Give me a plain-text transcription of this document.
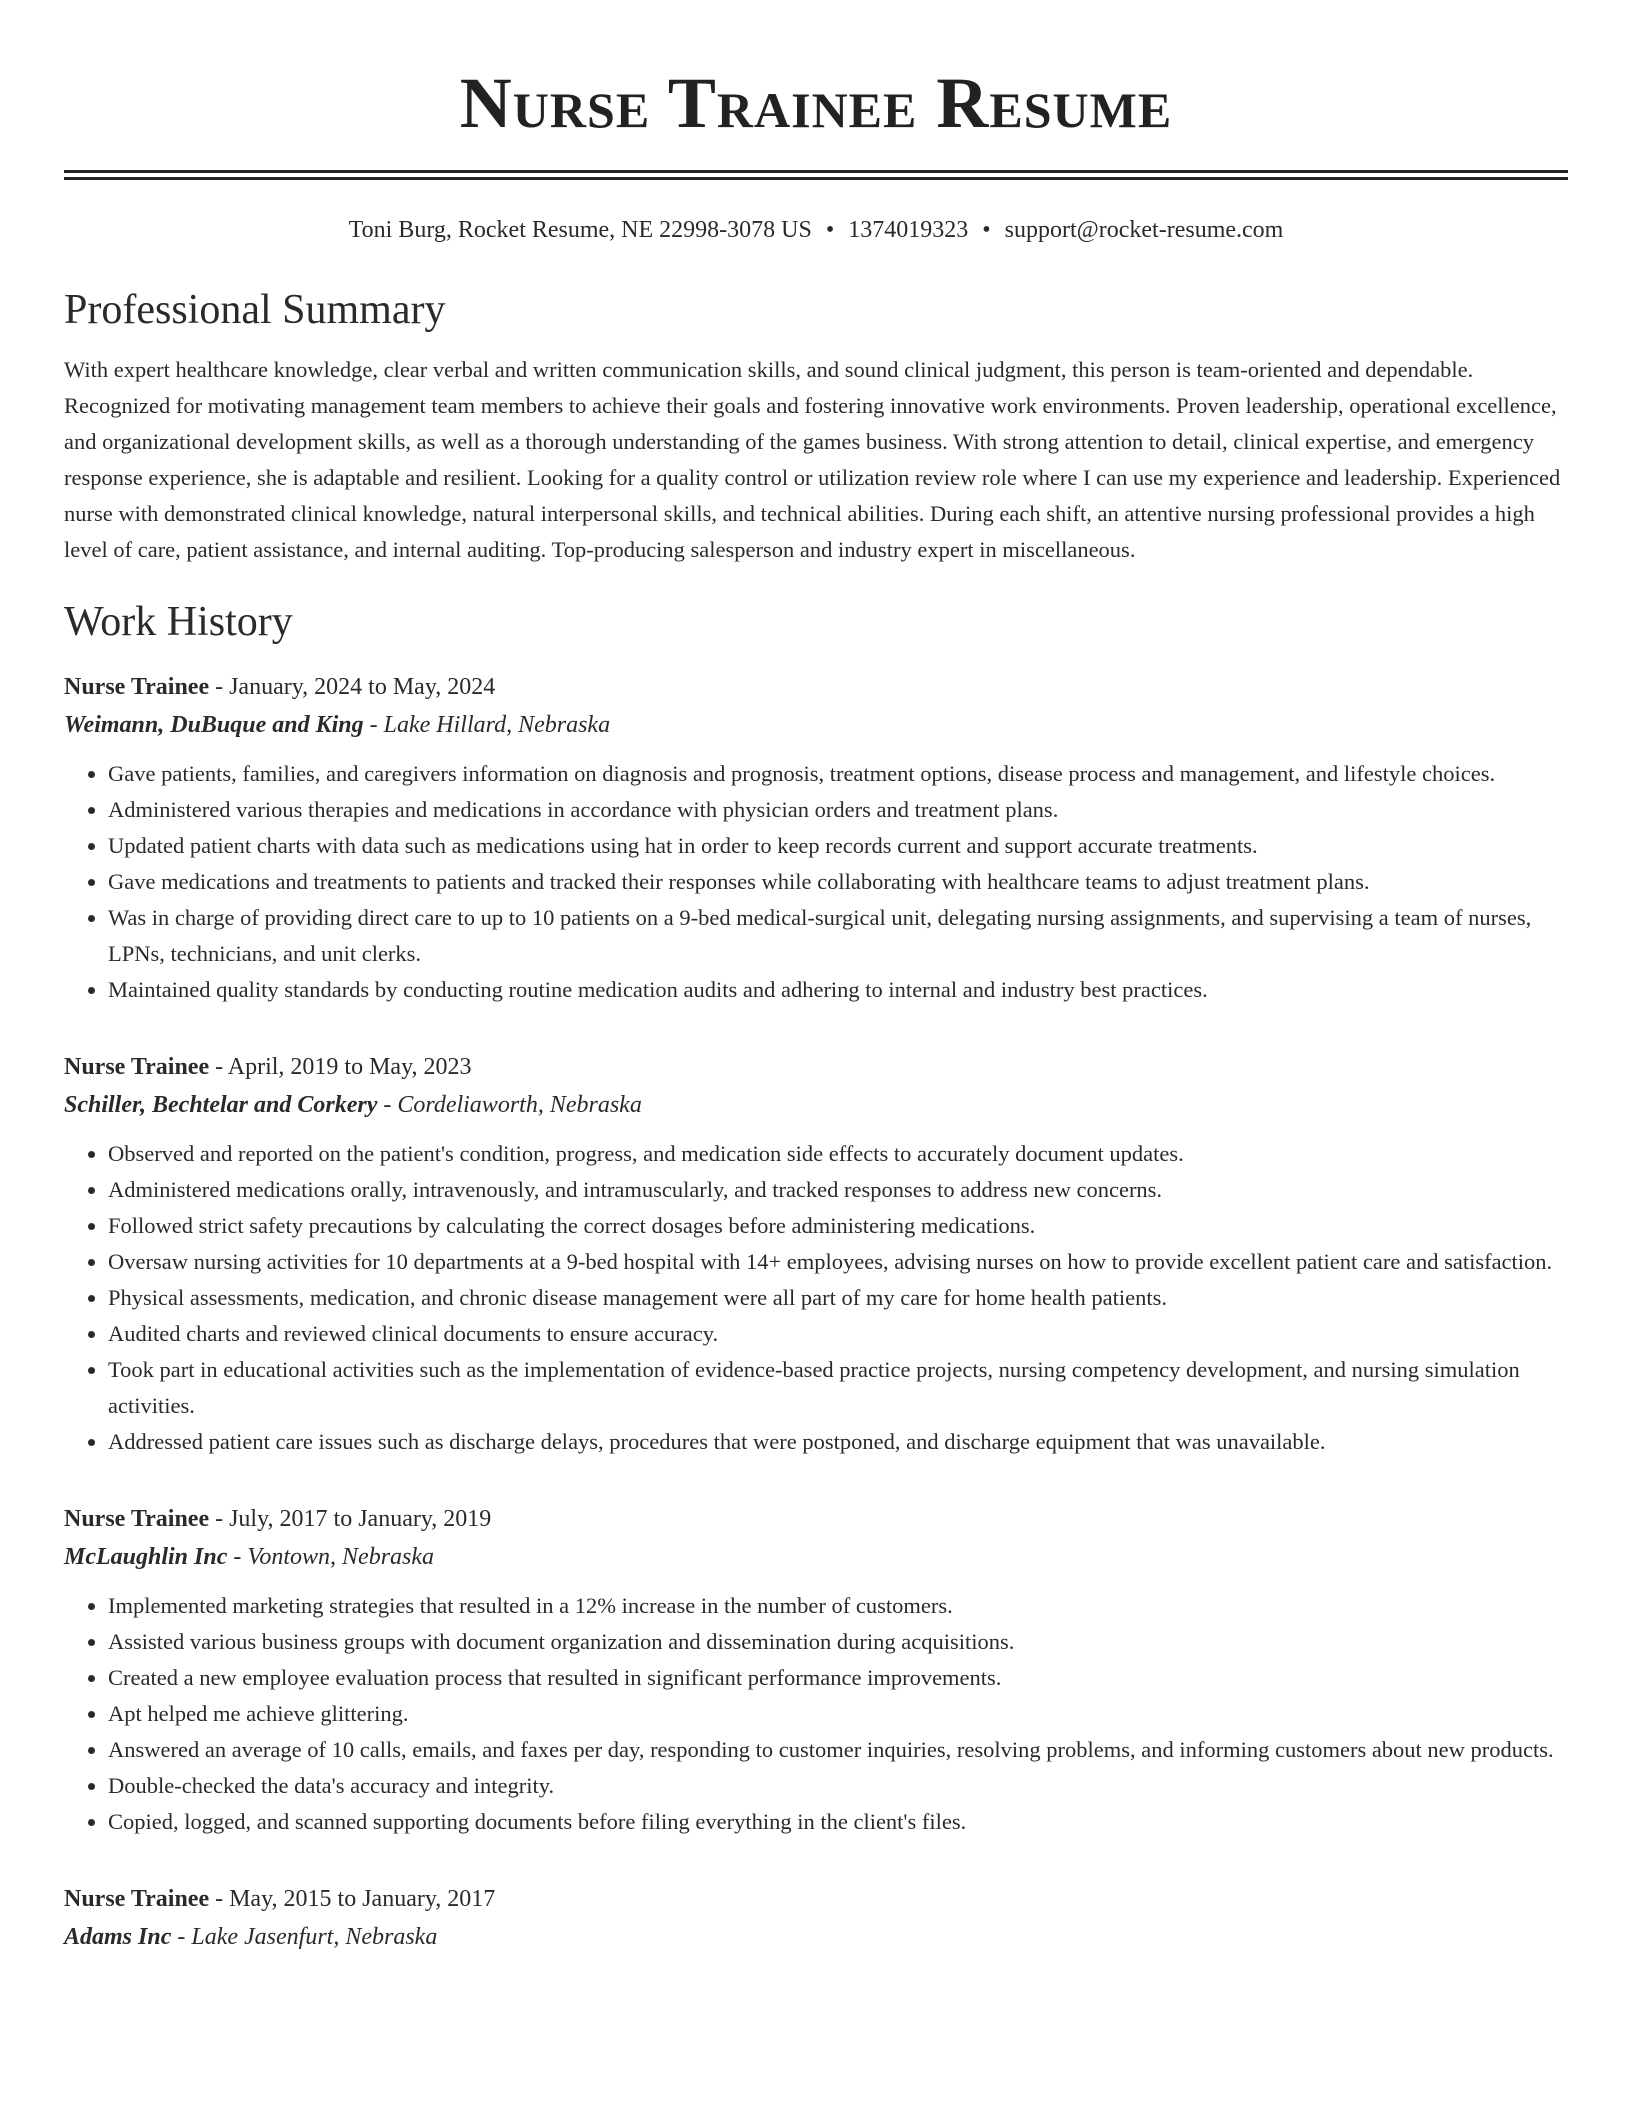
Nurse Trainee Resume
Toni Burg, Rocket Resume, NE 22998-3078 US • 1374019323 • support@rocket-resume.com
Professional Summary

With expert healthcare knowledge, clear verbal and written communication skills, and sound clinical judgment, this person is team-oriented and dependable. Recognized for motivating management team members to achieve their goals and fostering innovative work environments. Proven leadership, operational excellence, and organizational development skills, as well as a thorough understanding of the games business. With strong attention to detail, clinical expertise, and emergency response experience, she is adaptable and resilient. Looking for a quality control or utilization review role where I can use my experience and leadership. Experienced nurse with demonstrated clinical knowledge, natural interpersonal skills, and technical abilities. During each shift, an attentive nursing professional provides a high level of care, patient assistance, and internal auditing. Top-producing salesperson and industry expert in miscellaneous.

Work History
Nurse Trainee - January, 2024 to May, 2024
Weimann, DuBuque and King - Lake Hillard, Nebraska
• Gave patients, families, and caregivers information on diagnosis and prognosis, treatment options, disease process and management, and lifestyle choices.
• Administered various therapies and medications in accordance with physician orders and treatment plans.
• Updated patient charts with data such as medications using hat in order to keep records current and support accurate treatments.
• Gave medications and treatments to patients and tracked their responses while collaborating with healthcare teams to adjust treatment plans.
• Was in charge of providing direct care to up to 10 patients on a 9-bed medical-surgical unit, delegating nursing assignments, and supervising a team of nurses, LPNs, technicians, and unit clerks.
• Maintained quality standards by conducting routine medication audits and adhering to internal and industry best practices.
Nurse Trainee - April, 2019 to May, 2023
Schiller, Bechtelar and Corkery - Cordeliaworth, Nebraska
• Observed and reported on the patient's condition, progress, and medication side effects to accurately document updates.
• Administered medications orally, intravenously, and intramuscularly, and tracked responses to address new concerns.
• Followed strict safety precautions by calculating the correct dosages before administering medications.
• Oversaw nursing activities for 10 departments at a 9-bed hospital with 14+ employees, advising nurses on how to provide excellent patient care and satisfaction.
• Physical assessments, medication, and chronic disease management were all part of my care for home health patients.
• Audited charts and reviewed clinical documents to ensure accuracy.
• Took part in educational activities such as the implementation of evidence-based practice projects, nursing competency development, and nursing simulation activities.
• Addressed patient care issues such as discharge delays, procedures that were postponed, and discharge equipment that was unavailable.
Nurse Trainee - July, 2017 to January, 2019
McLaughlin Inc - Vontown, Nebraska
• Implemented marketing strategies that resulted in a 12% increase in the number of customers.
• Assisted various business groups with document organization and dissemination during acquisitions.
• Created a new employee evaluation process that resulted in significant performance improvements.
• Apt helped me achieve glittering.
• Answered an average of 10 calls, emails, and faxes per day, responding to customer inquiries, resolving problems, and informing customers about new products.
• Double-checked the data's accuracy and integrity.
• Copied, logged, and scanned supporting documents before filing everything in the client's files.
Nurse Trainee - May, 2015 to January, 2017
Adams Inc - Lake Jasenfurt, Nebraska
